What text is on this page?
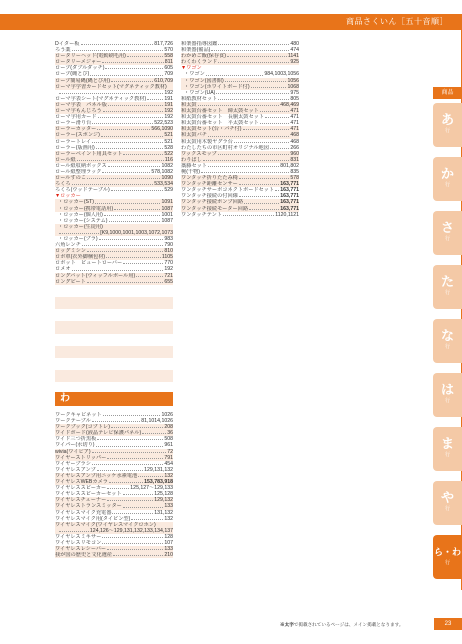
商品さくいん［五十音順］
Dイター板	817,726
ろう薬	570
ロータリーヘッド(電動刷毛用)	558
ロータリーメジャー	811
ロープ(ダブルダッチ)	605
ロープ(縄とび)	709
ロープ簡易縄(縄とび用)	610,709
ローマ字学習カードセット(マグネティック教材)
192
ローマ字表シート(マグネティック教材)	191
ローマ字表　パネル版	191
ローマ字もんじろう	192
ローマ字用カード	192
ローラー滑り台	522,523
ローラーカッター	566,1090
ローラー(スポンジ)	521
ローラートレイ	521
ローラー(版画用)	528
ローラーペイント用具セット	522
ロール紙	116
ロール紙収納ボックス	1082
ロール紙整理ラック	578,1082
ロールすのこ	1090
ろくろ	533,534
ろくろ(ウッドテーブル)	529
▼ロッカー
・ロッカー(ST)	1091
・ロッカー(携帯電話用)	1087
・ロッカー(個人用)	1001
・ロッカー(システム)	1087
・ロッカー(生徒用)
[K9,1000,1001,1003,1072,1073
・ロッカー(ブラ)	983
六角レンチ	790
ロッグミシン	810
ロボ車(衣外脚梱包材)	1105
ロボット　ピュートローバー	770
ロメオ	192
ロングバット(ウィッフルボール用)	721
ロングピート	655
わ
ワークキャビネット	1026
ワークテーブル	81,1014,1026
ワークブック(コプトレ)	208
ワイドボード(液晶テレビ保護パネル)	36
ワイド三つ折黒板	508
ワイパー(水切り)	961
wivia(ワイビア)	72
ワイヤーストリッパー	791
ワイヤーブラシ	454
ワイヤレスアンプ	129,131,132
ワイヤレスアンプ用ニッケ水素電池	132
ワイヤレスWEBカメラ	153,783,918
ワイヤレススピーカー	125,127～129,133
ワイヤレススピーカーセット	125,128
ワイヤレスチューナー	129,132
ワイヤレストランスミッター	133
ワイヤレスマイク充電器	131,132
ワイヤレスマイク用(タイピン型)	132
ワイヤレスマイク(ワイヤレスマイクロホン)
124,126～129,131,132,133,134,137
ワイヤレスミキサー	128
ワイヤレスリモコン	107
ワイヤレスレシーバー	133
我が国の歴史と文化遺産	210
和楽器指導図鑑	480
和楽器(備品)	474
わかめご飯(保存食)	1141
わくわくランド	925
▼ワゴン
・ワゴン	984,1003,1056
・ワゴン(図書館)	1056
・ワゴン(ホワイトボード付)	1068
・ワゴン(UA)	975
和紙教材セット	805
和太鼓	468,469
和太鼓台番セット　締太鼓セット	471
和太鼓台番セット　長胴太鼓セット	471
和太鼓台番セット　平太鼓セット	471
和太鼓セット(台・バチ付)	471
和太鼓バチ	468
和太鼓用木製ヤグラ台	468
わたしたちの市区町村オリジナル地図	266
ワックスモップ	960
わりばし	831
藁藤セット	801,802
椀(干物)	835
ワンタッチ折りたたみ椅	578
ワンタッチ距離センサー	163,771
ワンタッチサーボコネクトボードセット 163,771
ワンタッチ接続の付回線	163,771
ワンタッチ接続ポンプ回路	163,771
ワンタッチ接続モーター回路	163,771
ワンタッチテント	1120,1121
商品
あ
行
か
行
さ
行
た
行
な
行
は
行
ま
行
や
行
ら・わ
行
※太字で掲載されているページは、メイン掲載となります。	23
